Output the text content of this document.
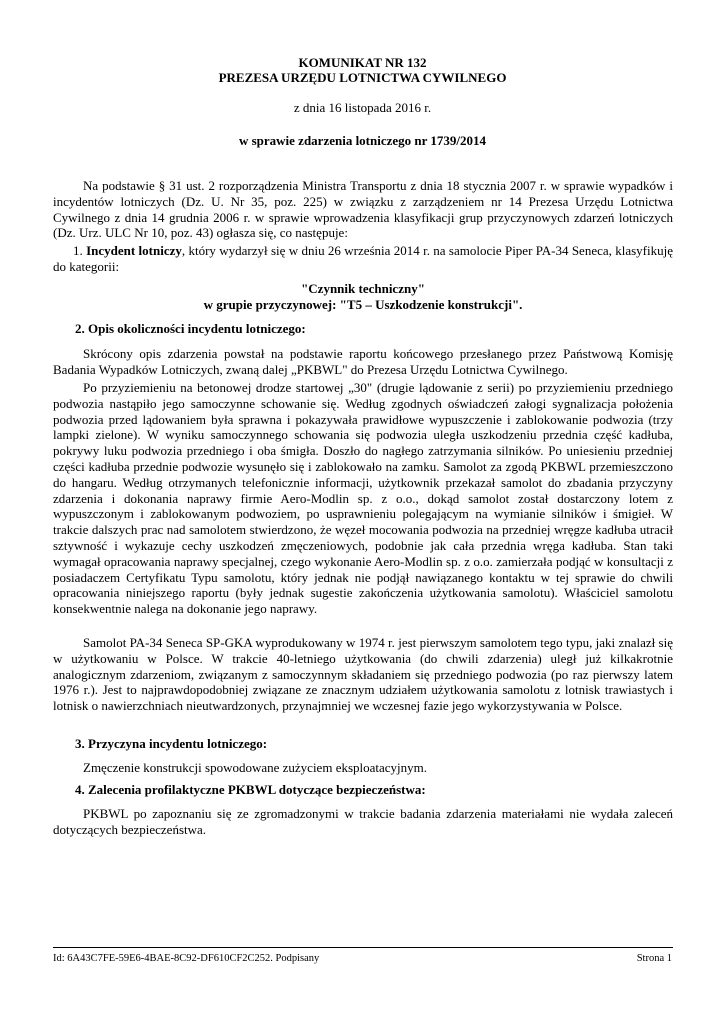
KOMUNIKAT NR 132
PREZESA URZĘDU LOTNICTWA CYWILNEGO
z dnia 16 listopada 2016 r.
w sprawie zdarzenia lotniczego nr 1739/2014

Na podstawie § 31 ust. 2 rozporządzenia Ministra Transportu z dnia 18 stycznia 2007 r. w sprawie wypadków i incydentów lotniczych (Dz. U. Nr 35, poz. 225) w związku z zarządzeniem nr 14 Prezesa Urzędu Lotnictwa Cywilnego z dnia 14 grudnia 2006 r. w sprawie wprowadzenia klasyfikacji grup przyczynowych zdarzeń lotniczych (Dz. Urz. ULC Nr 10, poz. 43) ogłasza się, co następuje:

1. Incydent lotniczy, który wydarzył się w dniu 26 września 2014 r. na samolocie Piper PA-34 Seneca, klasyfikuję do kategorii:

"Czynnik techniczny"
w grupie przyczynowej: "T5 – Uszkodzenie konstrukcji".
2. Opis okoliczności incydentu lotniczego:

Skrócony opis zdarzenia powstał na podstawie raportu końcowego przesłanego przez Państwową Komisję Badania Wypadków Lotniczych, zwaną dalej „PKBWL" do Prezesa Urzędu Lotnictwa Cywilnego.

Po przyziemieniu na betonowej drodze startowej „30" (drugie lądowanie z serii) po przyziemieniu przedniego podwozia nastąpiło jego samoczynne schowanie się. Według zgodnych oświadczeń załogi sygnalizacja położenia podwozia przed lądowaniem była sprawna i pokazywała prawidłowe wypuszczenie i zablokowanie podwozia (trzy lampki zielone). W wyniku samoczynnego schowania się podwozia uległa uszkodzeniu przednia część kadłuba, pokrywy luku podwozia przedniego i oba śmigła. Doszło do nagłego zatrzymania silników. Po uniesieniu przedniej części kadłuba przednie podwozie wysunęło się i zablokowało na zamku. Samolot za zgodą PKBWL przemieszczono do hangaru. Według otrzymanych telefonicznie informacji, użytkownik przekazał samolot do zbadania przyczyny zdarzenia i dokonania naprawy firmie Aero-Modlin sp. z o.o., dokąd samolot został dostarczony lotem z wypuszczonym i zablokowanym podwoziem, po usprawnieniu polegającym na wymianie silników i śmigieł. W trakcie dalszych prac nad samolotem stwierdzono, że węzeł mocowania podwozia na przedniej wręgze kadłuba utracił sztywność i wykazuje cechy uszkodzeń zmęczeniowych, podobnie jak cała przednia wręga kadłuba. Stan taki wymagał opracowania naprawy specjalnej, czego wykonanie Aero-Modlin sp. z o.o. zamierzała podjąć w konsultacji z posiadaczem Certyfikatu Typu samolotu, który jednak nie podjął nawiązanego kontaktu w tej sprawie do chwili opracowania niniejszego raportu (były jednak sugestie zakończenia użytkowania samolotu). Właściciel samolotu konsekwentnie nalega na dokonanie jego naprawy.

Samolot PA-34 Seneca SP-GKA wyprodukowany w 1974 r. jest pierwszym samolotem tego typu, jaki znalazł się w użytkowaniu w Polsce. W trakcie 40-letniego użytkowania (do chwili zdarzenia) uległ już kilkakrotnie analogicznym zdarzeniom, związanym z samoczynnym składaniem się przedniego podwozia (po raz pierwszy latem 1976 r.). Jest to najprawdopodobniej związane ze znacznym udziałem użytkowania samolotu z lotnisk trawiastych i lotnisk o nawierzchniach nieutwardzonych, przynajmniej we wczesnej fazie jego wykorzystywania w Polsce.

3. Przyczyna incydentu lotniczego:

Zmęczenie konstrukcji spowodowane zużyciem eksploatacyjnym.

4. Zalecenia profilaktyczne PKBWL dotyczące bezpieczeństwa:

PKBWL po zapoznaniu się ze zgromadzonymi w trakcie badania zdarzenia materiałami nie wydała zaleceń dotyczących bezpieczeństwa.

Id: 6A43C7FE-59E6-4BAE-8C92-DF610CF2C252. Podpisany	Strona 1
